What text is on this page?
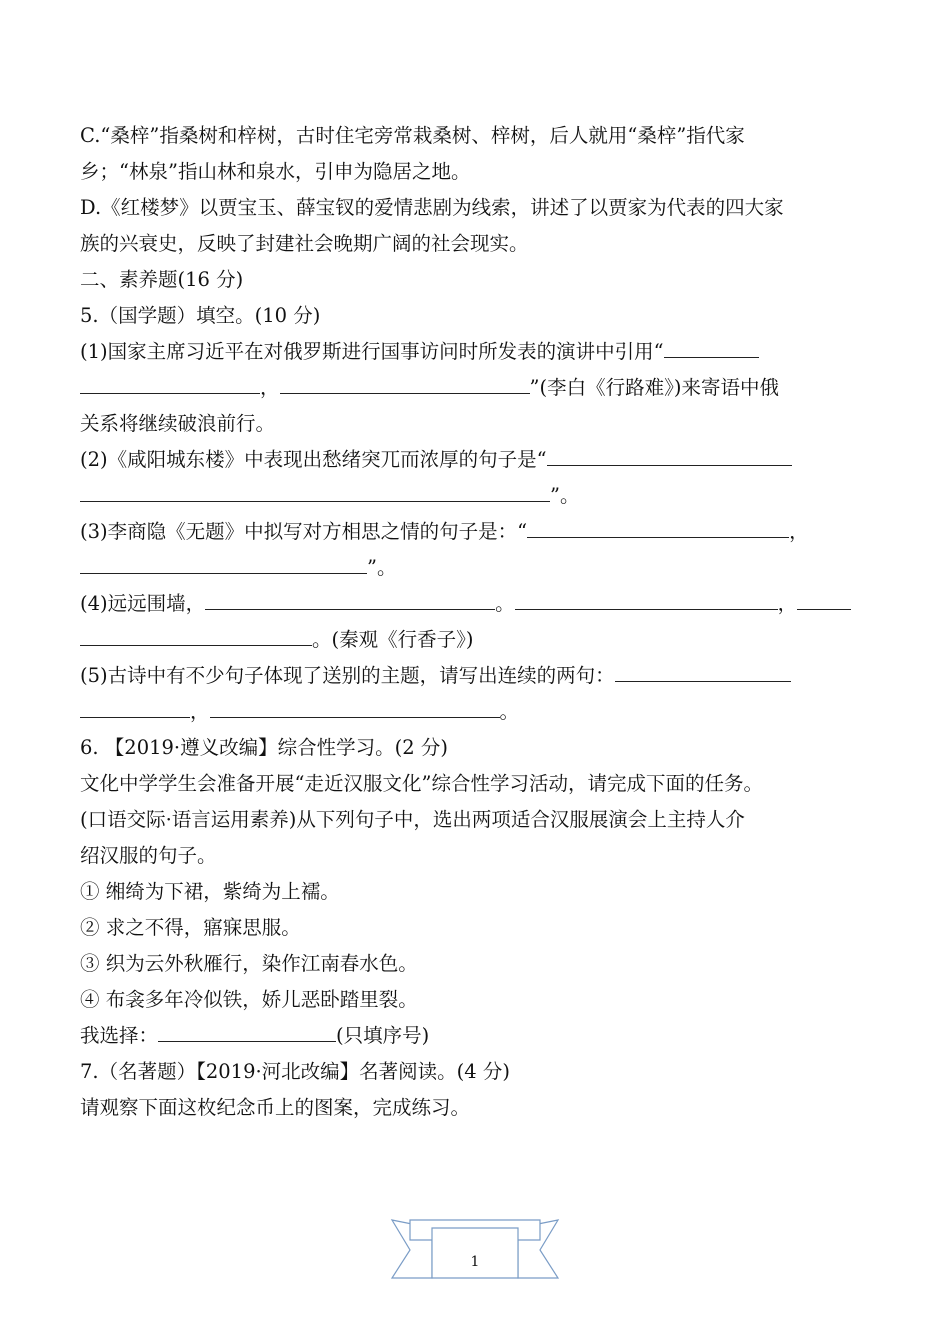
C.“桑梓”指桑树和梓树，古时住宅旁常栽桑树、梓树，后人就用“桑梓”指代家
乡；“林泉”指山林和泉水，引申为隐居之地。
D.《红楼梦》以贾宝玉、薛宝钗的爱情悲剧为线索，讲述了以贾家为代表的四大家
族的兴衰史，反映了封建社会晚期广阔的社会现实。
二、素养题(16 分)
5.（国学题）填空。(10 分)
(1)国家主席习近平在对俄罗斯进行国事访问时所发表的演讲中引用“
，	”(李白《行路难》)来寄语中俄
关系将继续破浪前行。
(2)《咸阳城东楼》中表现出愁绪突兀而浓厚的句子是“
”。
(3)李商隐《无题》中拟写对方相思之情的句子是：“	，
”。
(4)远远围墙，	。	，
。(秦观《行香子》)
(5)古诗中有不少句子体现了送别的主题，请写出连续的两句：
，	。
6. 【2019·遵义改编】综合性学习。(2 分)
文化中学学生会准备开展“走近汉服文化”综合性学习活动，请完成下面的任务。
(口语交际·语言运用素养)从下列句子中，选出两项适合汉服展演会上主持人介
绍汉服的句子。
① 缃绮为下裙，紫绮为上襦。
② 求之不得，寤寐思服。
③ 织为云外秋雁行，染作江南春水色。
④ 布衾多年冷似铁，娇儿恶卧踏里裂。
我选择：	(只填序号)
7.（名著题）【2019·河北改编】名著阅读。(4 分)
请观察下面这枚纪念币上的图案，完成练习。
1
